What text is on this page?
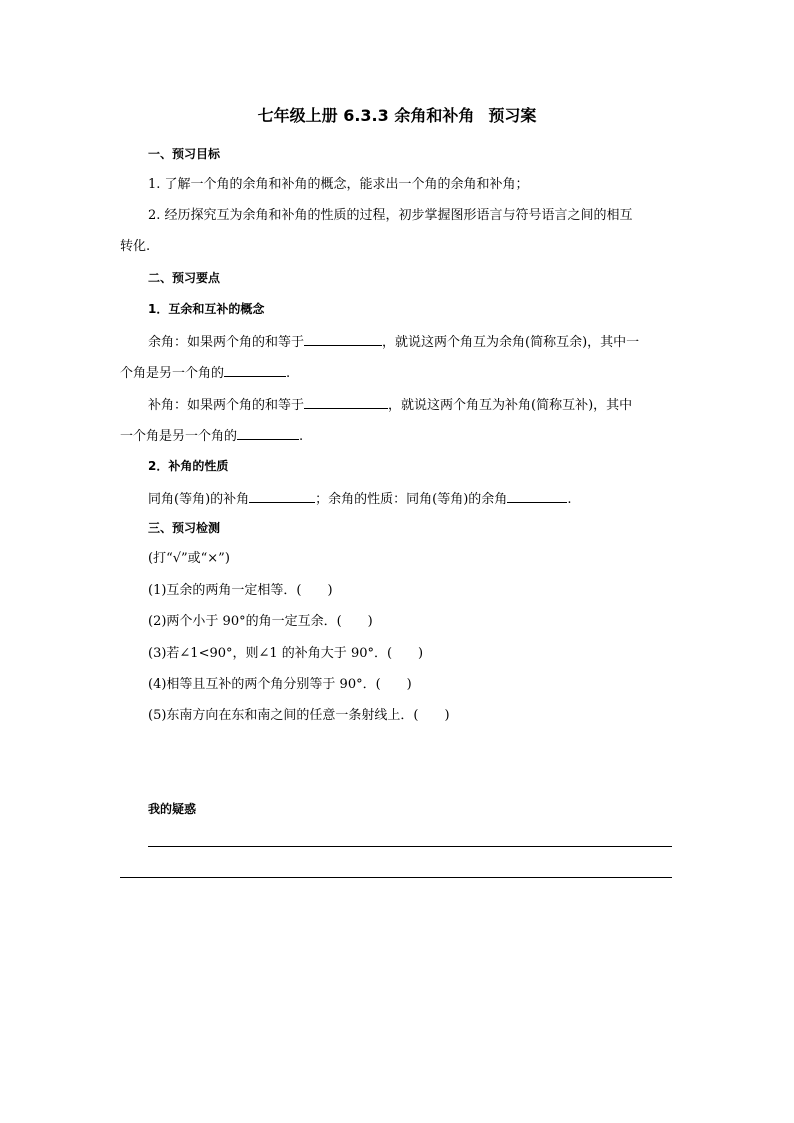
七年级上册 6.3.3 余角和补角 预习案
一、预习目标
1. 了解一个角的余角和补角的概念，能求出一个角的余角和补角；
2. 经历探究互为余角和补角的性质的过程，初步掌握图形语言与符号语言之间的相互
转化.
二、预习要点
1．互余和互补的概念
余角：如果两个角的和等于	，就说这两个角互为余角(简称互余)，其中一
个角是另一个角的	.
补角：如果两个角的和等于	，就说这两个角互为补角(简称互补)，其中
一个角是另一个角的	.
2．补角的性质
同角(等角)的补角	；余角的性质：同角(等角)的余角	.
三、预习检测
(打“√”或“×”)
(1)互余的两角一定相等．(　　)
(2)两个小于 90°的角一定互余．(　　)
(3)若∠1<90°，则∠1 的补角大于 90°．(　　)
(4)相等且互补的两个角分别等于 90°．(　　)
(5)东南方向在东和南之间的任意一条射线上．(　　)
我的疑惑
